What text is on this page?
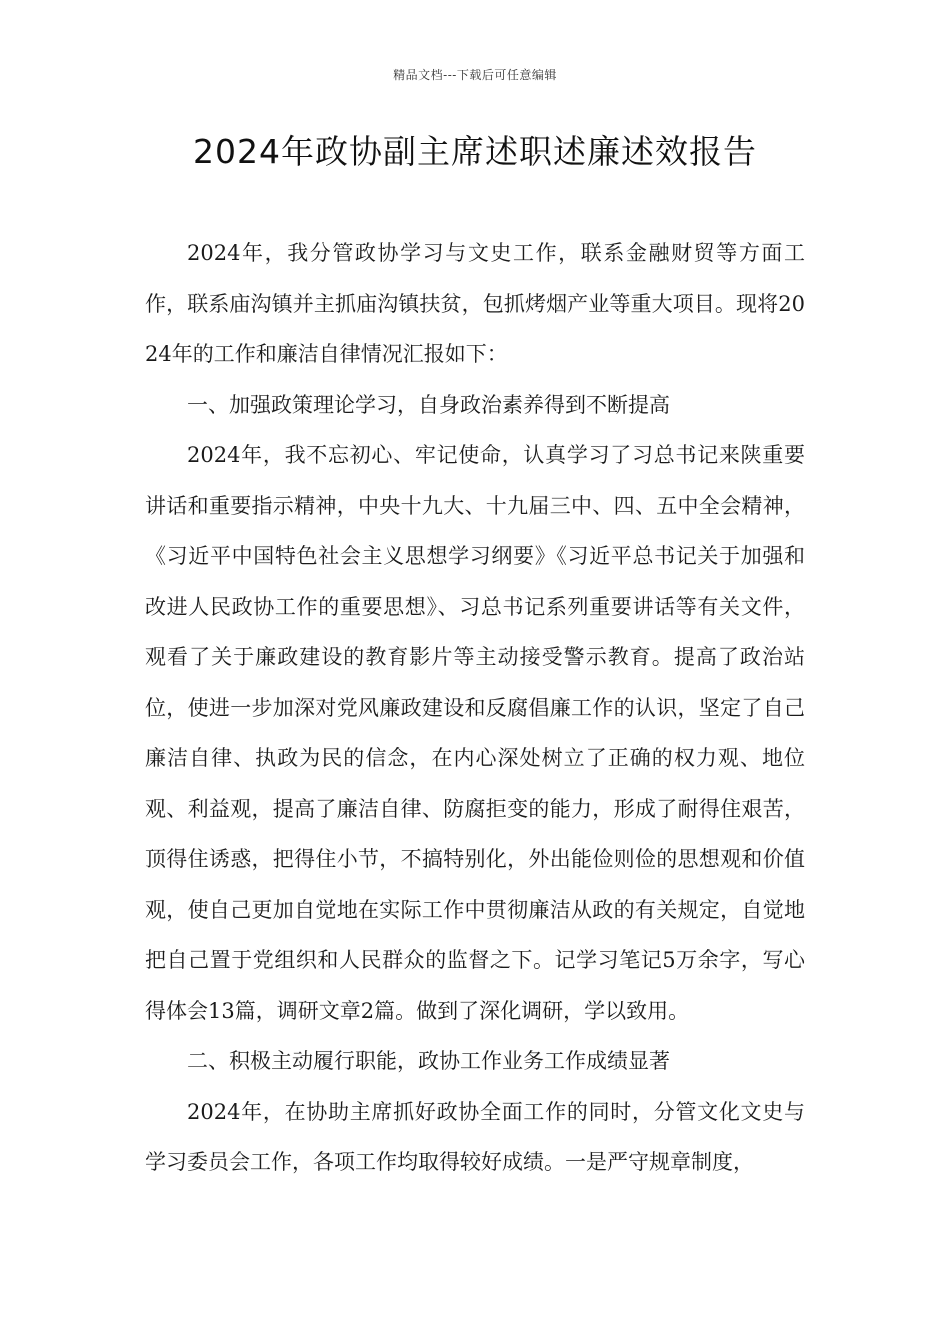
精品文档---下载后可任意编辑
2024年政协副主席述职述廉述效报告

2024年，我分管政协学习与文史工作，联系金融财贸等方面工作，联系庙沟镇并主抓庙沟镇扶贫，包抓烤烟产业等重大项目。现将2024年的工作和廉洁自律情况汇报如下：

一、加强政策理论学习，自身政治素养得到不断提高

2024年，我不忘初心、牢记使命，认真学习了习总书记来陕重要讲话和重要指示精神，中央十九大、十九届三中、四、五中全会精神，《习近平中国特色社会主义思想学习纲要》《习近平总书记关于加强和改进人民政协工作的重要思想》、习总书记系列重要讲话等有关文件，观看了关于廉政建设的教育影片等主动接受警示教育。提高了政治站位，使进一步加深对党风廉政建设和反腐倡廉工作的认识，坚定了自己廉洁自律、执政为民的信念，在内心深处树立了正确的权力观、地位观、利益观，提高了廉洁自律、防腐拒变的能力，形成了耐得住艰苦，顶得住诱惑，把得住小节，不搞特别化，外出能俭则俭的思想观和价值观，使自己更加自觉地在实际工作中贯彻廉洁从政的有关规定，自觉地把自己置于党组织和人民群众的监督之下。记学习笔记5万余字，写心得体会13篇，调研文章2篇。做到了深化调研，学以致用。

二、积极主动履行职能，政协工作业务工作成绩显著

2024年，在协助主席抓好政协全面工作的同时，分管文化文史与学习委员会工作，各项工作均取得较好成绩。一是严守规章制度，
